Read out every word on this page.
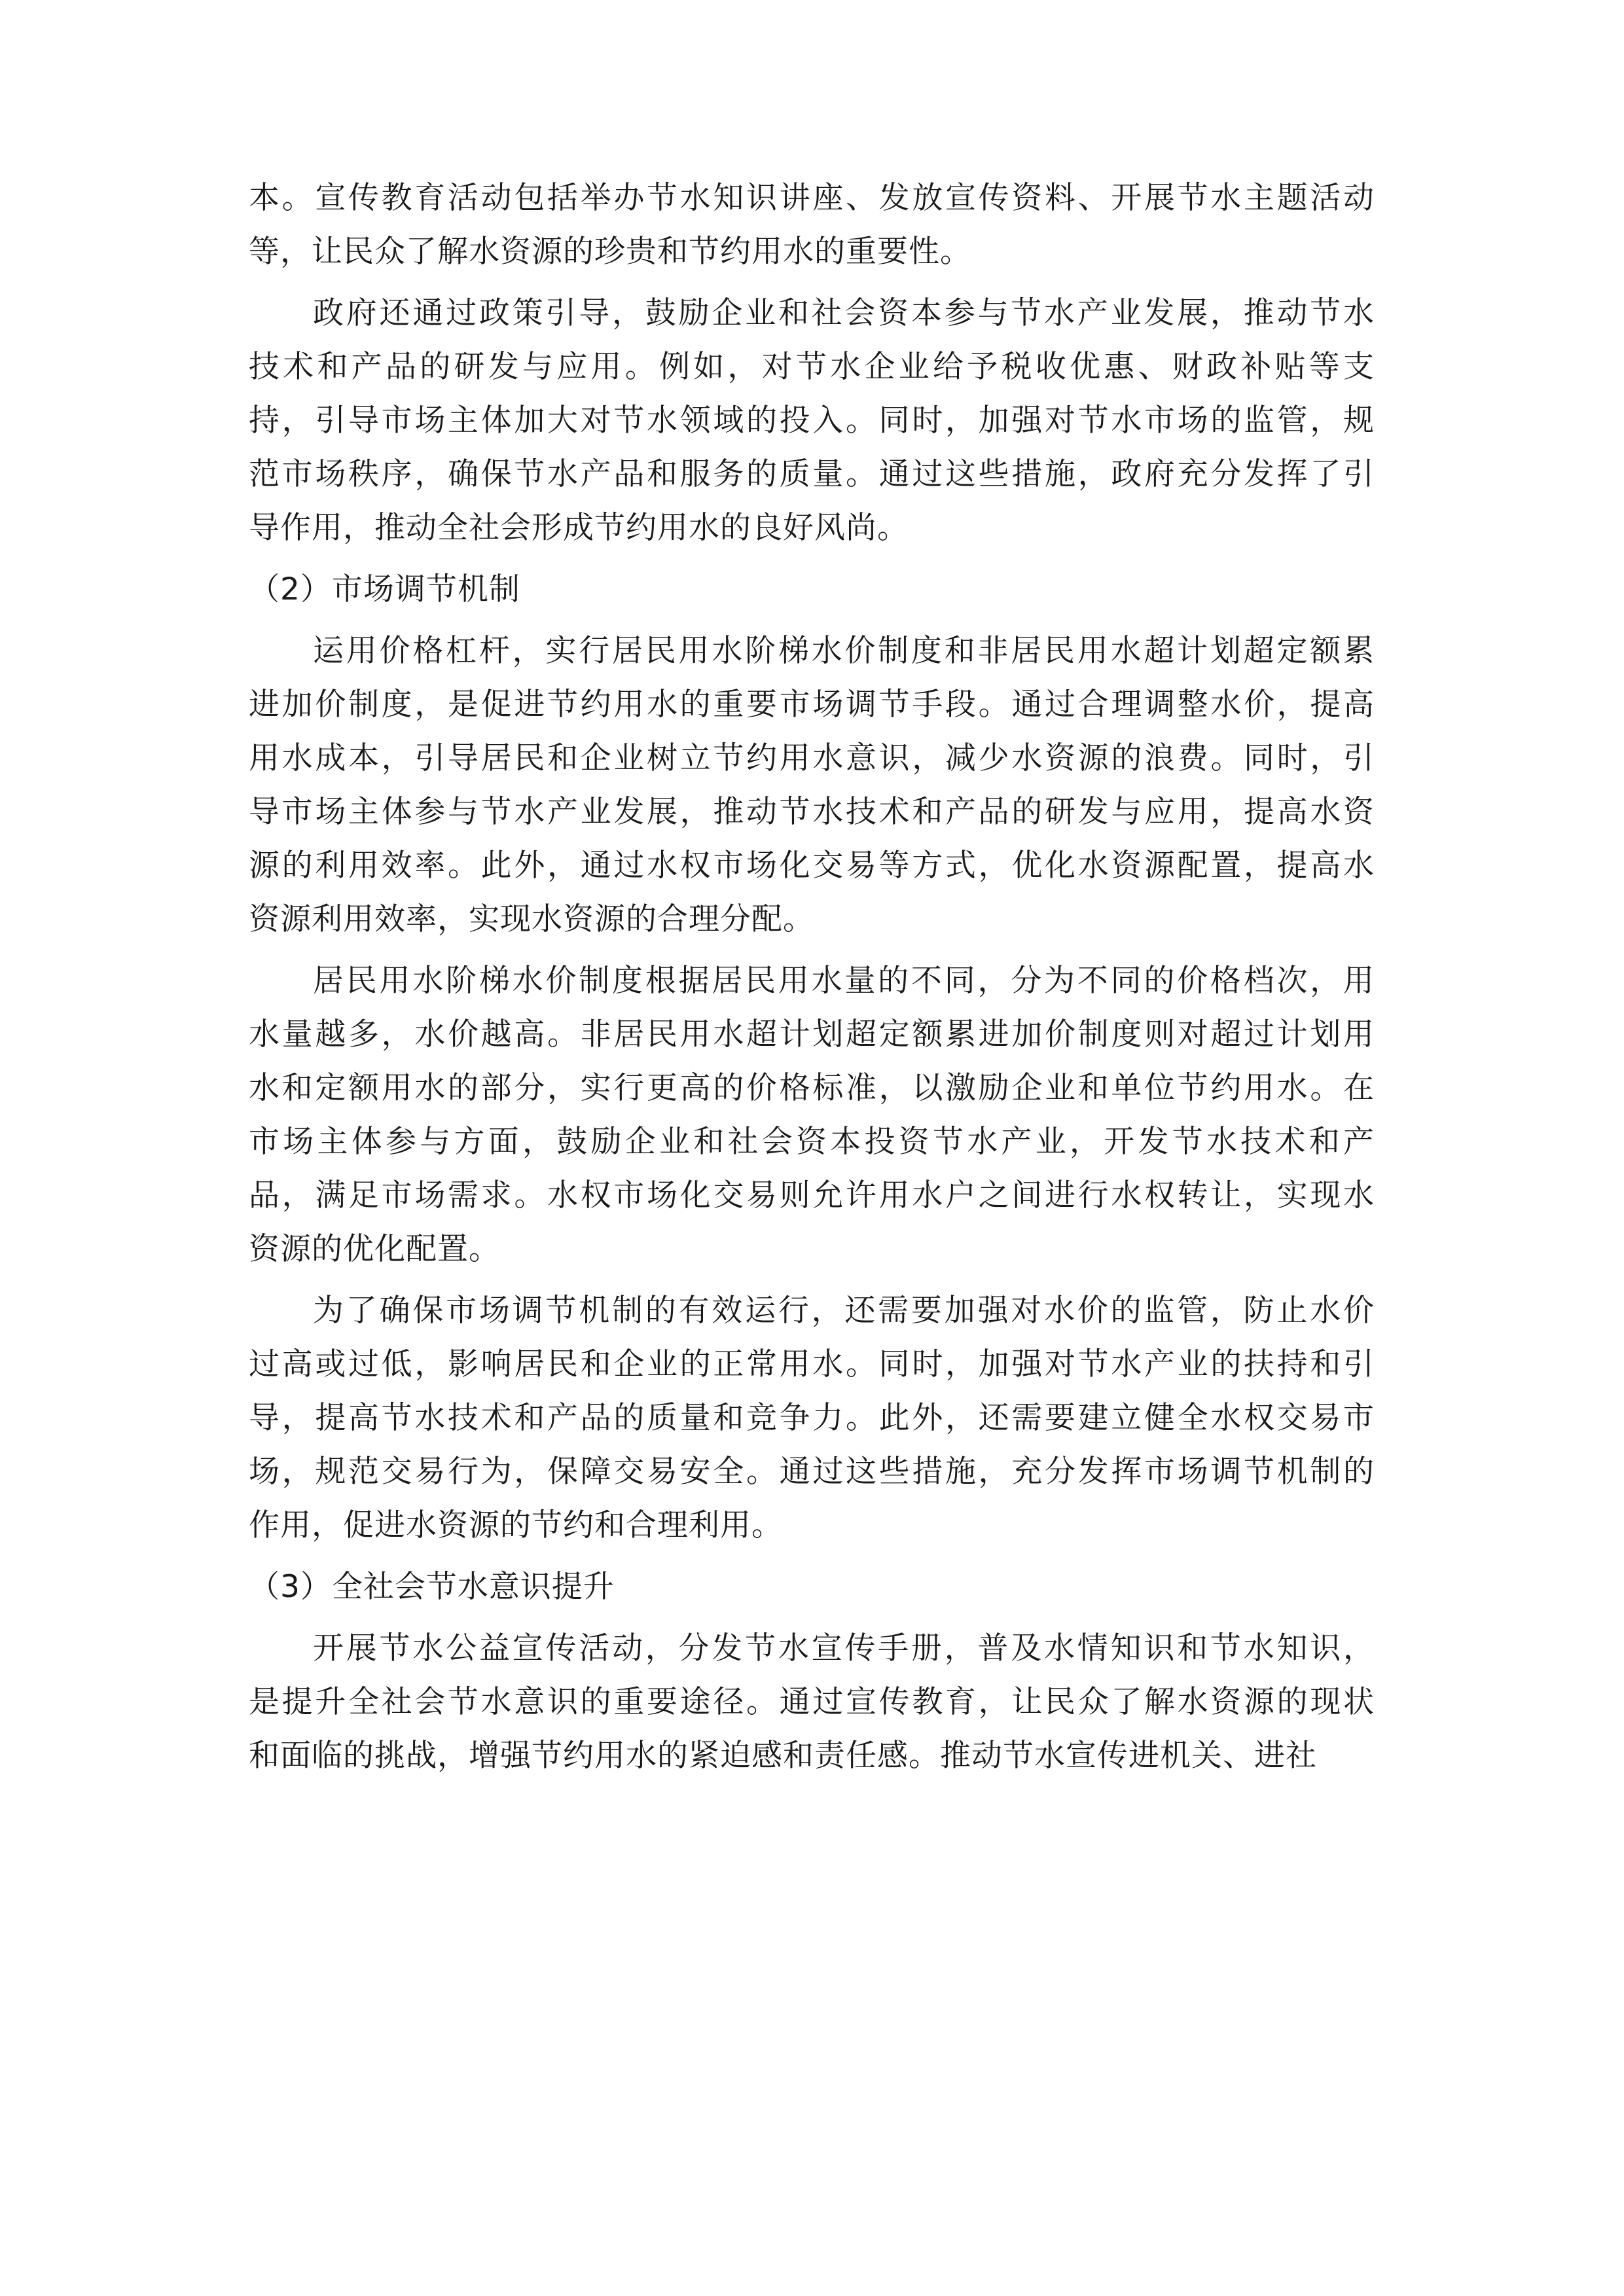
本。宣传教育活动包括举办节水知识讲座、发放宣传资料、开展节水主题活动
等，让民众了解水资源的珍贵和节约用水的重要性。
政府还通过政策引导，鼓励企业和社会资本参与节水产业发展，推动节水
技术和产品的研发与应用。例如，对节水企业给予税收优惠、财政补贴等支
持，引导市场主体加大对节水领域的投入。同时，加强对节水市场的监管，规
范市场秩序，确保节水产品和服务的质量。通过这些措施，政府充分发挥了引
导作用，推动全社会形成节约用水的良好风尚。
（2）市场调节机制
运用价格杠杆，实行居民用水阶梯水价制度和非居民用水超计划超定额累
进加价制度，是促进节约用水的重要市场调节手段。通过合理调整水价，提高
用水成本，引导居民和企业树立节约用水意识，减少水资源的浪费。同时，引
导市场主体参与节水产业发展，推动节水技术和产品的研发与应用，提高水资
源的利用效率。此外，通过水权市场化交易等方式，优化水资源配置，提高水
资源利用效率，实现水资源的合理分配。
居民用水阶梯水价制度根据居民用水量的不同，分为不同的价格档次，用
水量越多，水价越高。非居民用水超计划超定额累进加价制度则对超过计划用
水和定额用水的部分，实行更高的价格标准，以激励企业和单位节约用水。在
市场主体参与方面，鼓励企业和社会资本投资节水产业，开发节水技术和产
品，满足市场需求。水权市场化交易则允许用水户之间进行水权转让，实现水
资源的优化配置。
为了确保市场调节机制的有效运行，还需要加强对水价的监管，防止水价
过高或过低，影响居民和企业的正常用水。同时，加强对节水产业的扶持和引
导，提高节水技术和产品的质量和竞争力。此外，还需要建立健全水权交易市
场，规范交易行为，保障交易安全。通过这些措施，充分发挥市场调节机制的
作用，促进水资源的节约和合理利用。
（3）全社会节水意识提升
开展节水公益宣传活动，分发节水宣传手册，普及水情知识和节水知识，
是提升全社会节水意识的重要途径。通过宣传教育，让民众了解水资源的现状
和面临的挑战，增强节约用水的紧迫感和责任感。推动节水宣传进机关、进社
